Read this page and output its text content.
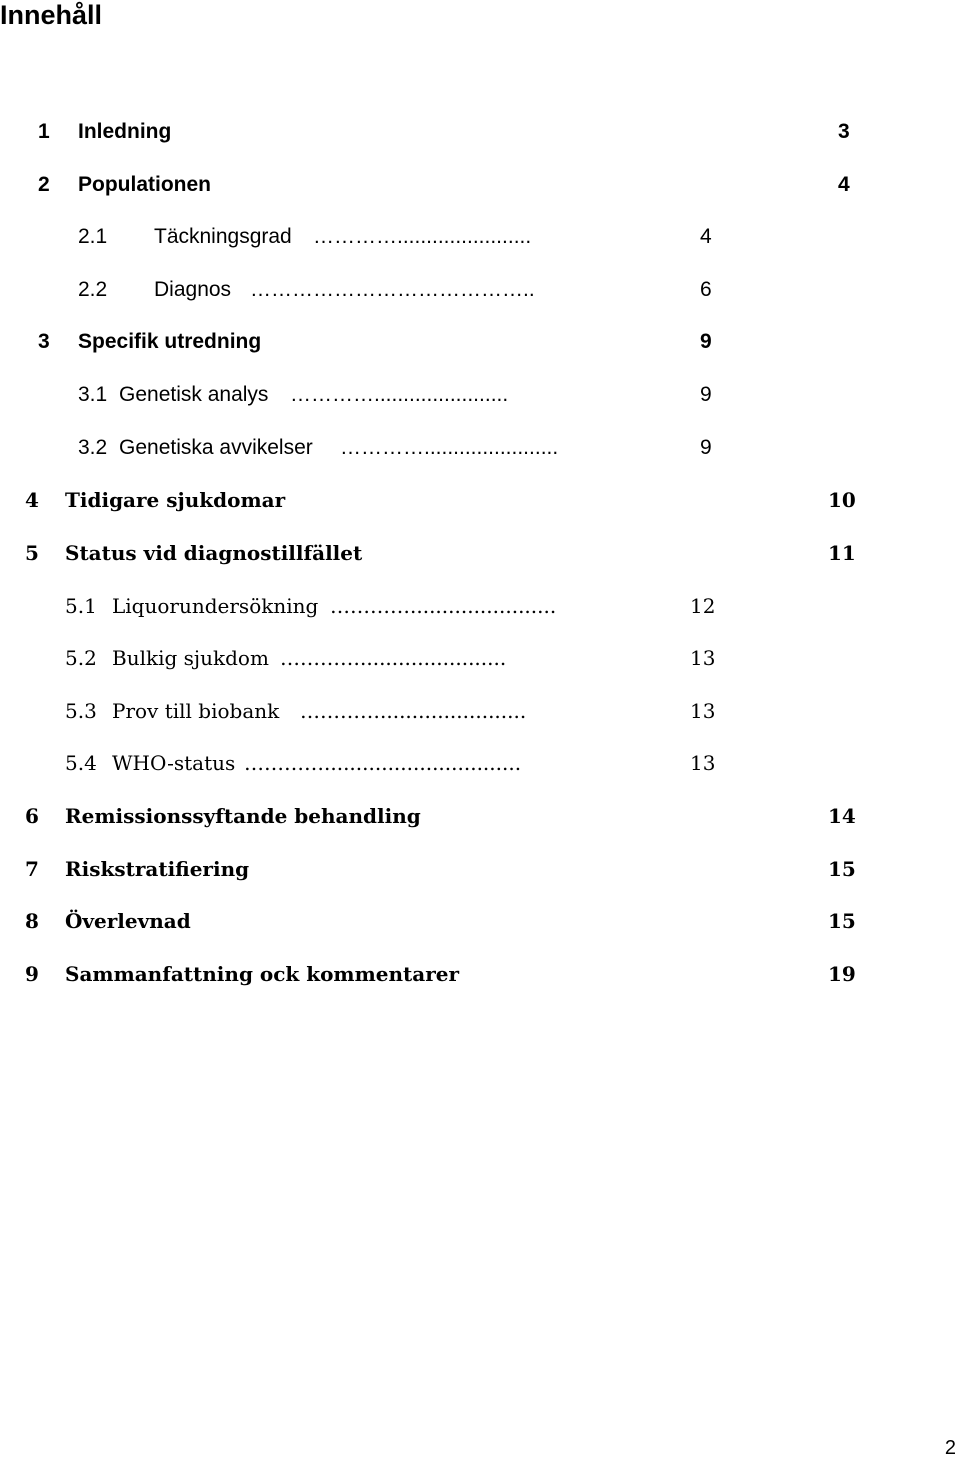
Innehåll
1 Inledning	3
2 Populationen	4
2.1 Täckningsgrad ………….......................	4
2.2 Diagnos …………………………………..	6
3 Specifik utredning	9
3.1 Genetisk analys ………….......................	9
3.2 Genetiska avvikelser ………….......................	9
4 Tidigare sjukdomar	10
5 Status vid diagnostillfället	11
5.1 Liquorundersökning ………….......................	12
5.2 Bulkig sjukdom ………….......................	13
5.3 Prov till biobank ………….......................	13
5.4 WHO-status …………...............................	13
6 Remissionssyftande behandling	14
7 Riskstratifiering	15
8 Överlevnad	15
9 Sammanfattning ock kommentarer	19
2
